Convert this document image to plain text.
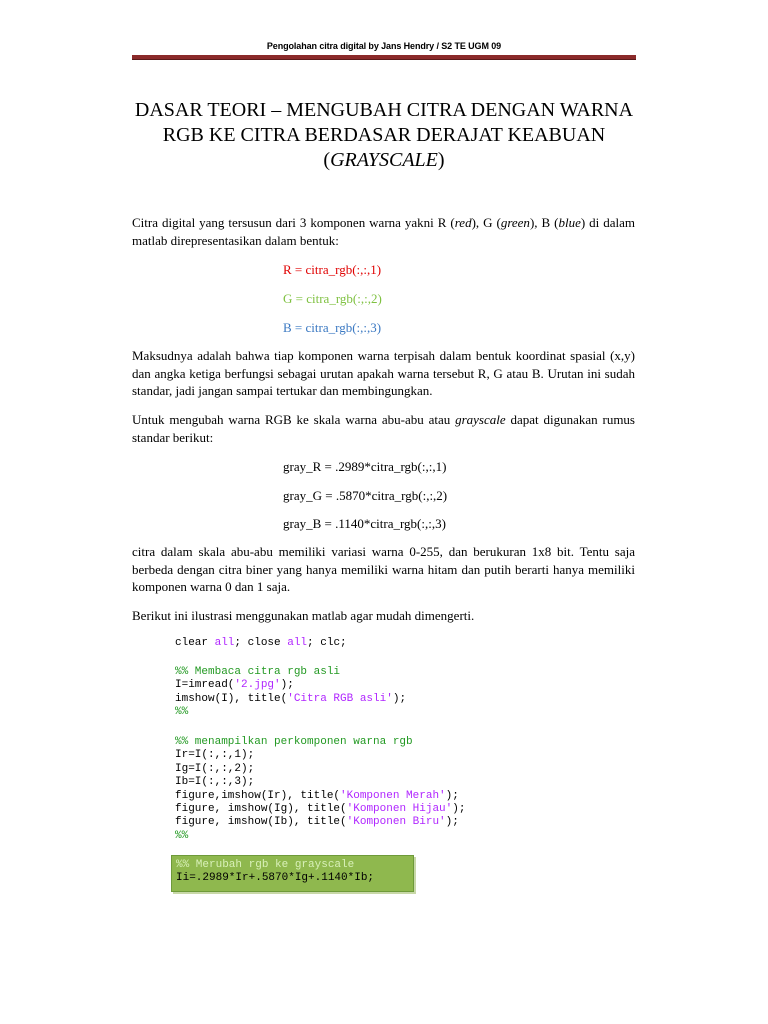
Pengolahan citra digital by Jans Hendry / S2 TE UGM 09
DASAR TEORI – MENGUBAH CITRA DENGAN WARNA
RGB KE CITRA BERDASAR DERAJAT KEABUAN
(GRAYSCALE)
Citra digital yang tersusun dari 3 komponen warna yakni R (red), G (green), B (blue) di dalam matlab direpresentasikan dalam bentuk:
R = citra_rgb(:,:,1)
G = citra_rgb(:,:,2)
B = citra_rgb(:,:,3)
Maksudnya adalah bahwa tiap komponen warna terpisah dalam bentuk koordinat spasial (x,y) dan angka ketiga berfungsi sebagai urutan apakah warna tersebut R, G atau B. Urutan ini sudah standar, jadi jangan sampai tertukar dan membingungkan.
Untuk mengubah warna RGB ke skala warna abu-abu atau grayscale dapat digunakan rumus standar berikut:
gray_R = .2989*citra_rgb(:,:,1)
gray_G = .5870*citra_rgb(:,:,2)
gray_B = .1140*citra_rgb(:,:,3)
citra dalam skala abu-abu memiliki variasi warna 0-255, dan berukuran 1x8 bit. Tentu saja berbeda dengan citra biner yang hanya memiliki warna hitam dan putih berarti hanya memiliki komponen warna 0 dan 1 saja.
Berikut ini ilustrasi menggunakan matlab agar mudah dimengerti.
clear all; close all; clc;
%% Membaca citra rgb asli
I=imread('2.jpg');
imshow(I), title('Citra RGB asli');
%%
%% menampilkan perkomponen warna rgb
Ir=I(:,:,1);
Ig=I(:,:,2);
Ib=I(:,:,3);
figure,imshow(Ir), title('Komponen Merah');
figure, imshow(Ig), title('Komponen Hijau');
figure, imshow(Ib), title('Komponen Biru');
%%
%% Merubah rgb ke grayscale
Ii=.2989*Ir+.5870*Ig+.1140*Ib;
